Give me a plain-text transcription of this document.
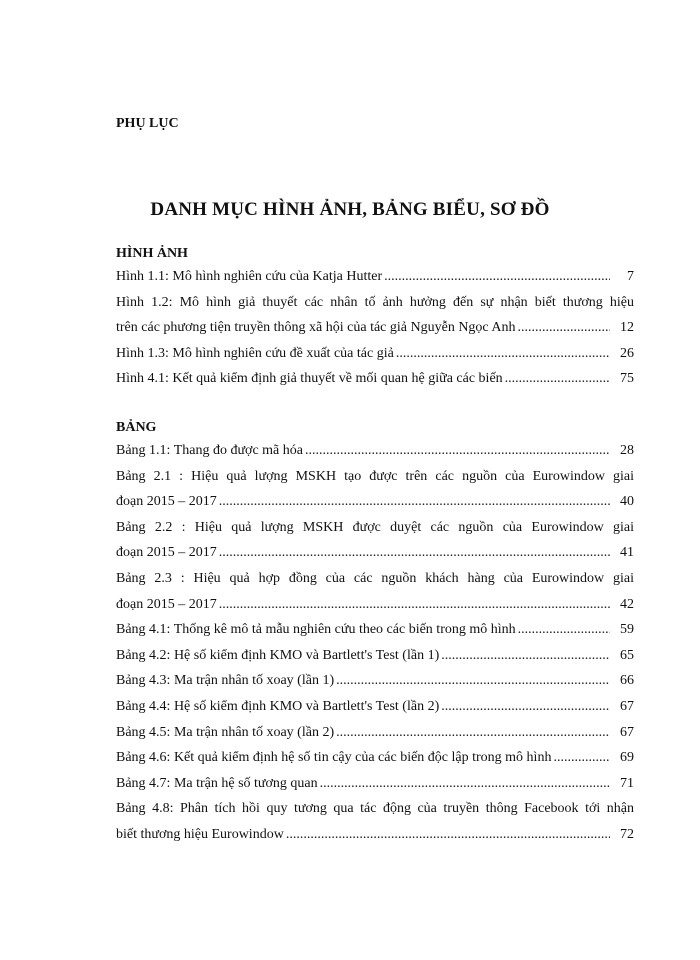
PHỤ LỤC
DANH MỤC HÌNH ẢNH, BẢNG BIỂU, SƠ ĐỒ
HÌNH ẢNH
Hình 1.1: Mô hình nghiên cứu của Katja Hutter .....	7
Hình 1.2: Mô hình giả thuyết các nhân tố ảnh hưởng đến sự nhận biết thương hiệu
trên các phương tiện truyền thông xã hội của tác giả Nguyễn Ngọc Anh .....	12
Hình 1.3: Mô hình nghiên cứu đề xuất của tác giả .....	26
Hình 4.1: Kết quả kiểm định giả thuyết về mối quan hệ giữa các biến .....	75
BẢNG
Bảng 1.1: Thang đo được mã hóa .....	28
Bảng 2.1 : Hiệu quả lượng MSKH tạo được trên các nguồn của Eurowindow giai
đoạn 2015 – 2017 .....	40
Bảng 2.2 : Hiệu quả lượng MSKH được duyệt các nguồn của Eurowindow giai
đoạn 2015 – 2017 .....	41
Bảng 2.3 : Hiệu quả hợp đồng của các nguồn khách hàng của Eurowindow giai
đoạn 2015 – 2017 .....	42
Bảng 4.1: Thống kê mô tả mẫu nghiên cứu theo các biến trong mô hình .....	59
Bảng 4.2: Hệ số kiểm định KMO và Bartlett's Test (lần 1) .....	65
Bảng 4.3: Ma trận nhân tố xoay (lần 1) .....	66
Bảng 4.4: Hệ số kiểm định KMO và Bartlett's Test (lần 2) .....	67
Bảng 4.5: Ma trận nhân tố xoay (lần 2) .....	67
Bảng 4.6: Kết quả kiểm định hệ số tin cậy của các biến độc lập trong mô hình .....	69
Bảng 4.7: Ma trận hệ số tương quan .....	71
Bảng 4.8: Phân tích hồi quy tương qua tác động của truyền thông Facebook tới nhận
biết thương hiệu Eurowindow .....	72
